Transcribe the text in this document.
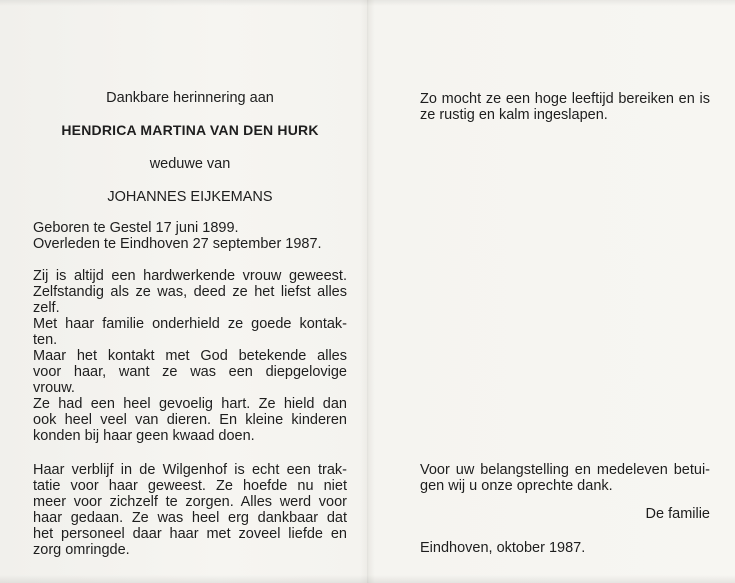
Dankbare herinnering aan

HENDRICA MARTINA VAN DEN HURK

weduwe van

JOHANNES EIJKEMANS

Geboren te Gestel 17 juni 1899.

Overleden te Eindhoven 27 september 1987.

Zij is altijd een hardwerkende vrouw geweest.
Zelfstandig als ze was, deed ze het liefst alles
zelf.
Met haar familie onderhield ze goede kontak-
ten.
Maar het kontakt met God betekende alles
voor haar, want ze was een diepgelovige
vrouw.
Ze had een heel gevoelig hart. Ze hield dan
ook heel veel van dieren. En kleine kinderen
konden bij haar geen kwaad doen.
Haar verblijf in de Wilgenhof is echt een trak-
tatie voor haar geweest. Ze hoefde nu niet
meer voor zichzelf te zorgen. Alles werd voor
haar gedaan. Ze was heel erg dankbaar dat
het personeel daar haar met zoveel liefde en
zorg omringde.
Zo mocht ze een hoge leeftijd bereiken en is
ze rustig en kalm ingeslapen.
Voor uw belangstelling en medeleven betui-
gen wij u onze oprechte dank.

De familie

Eindhoven, oktober 1987.
